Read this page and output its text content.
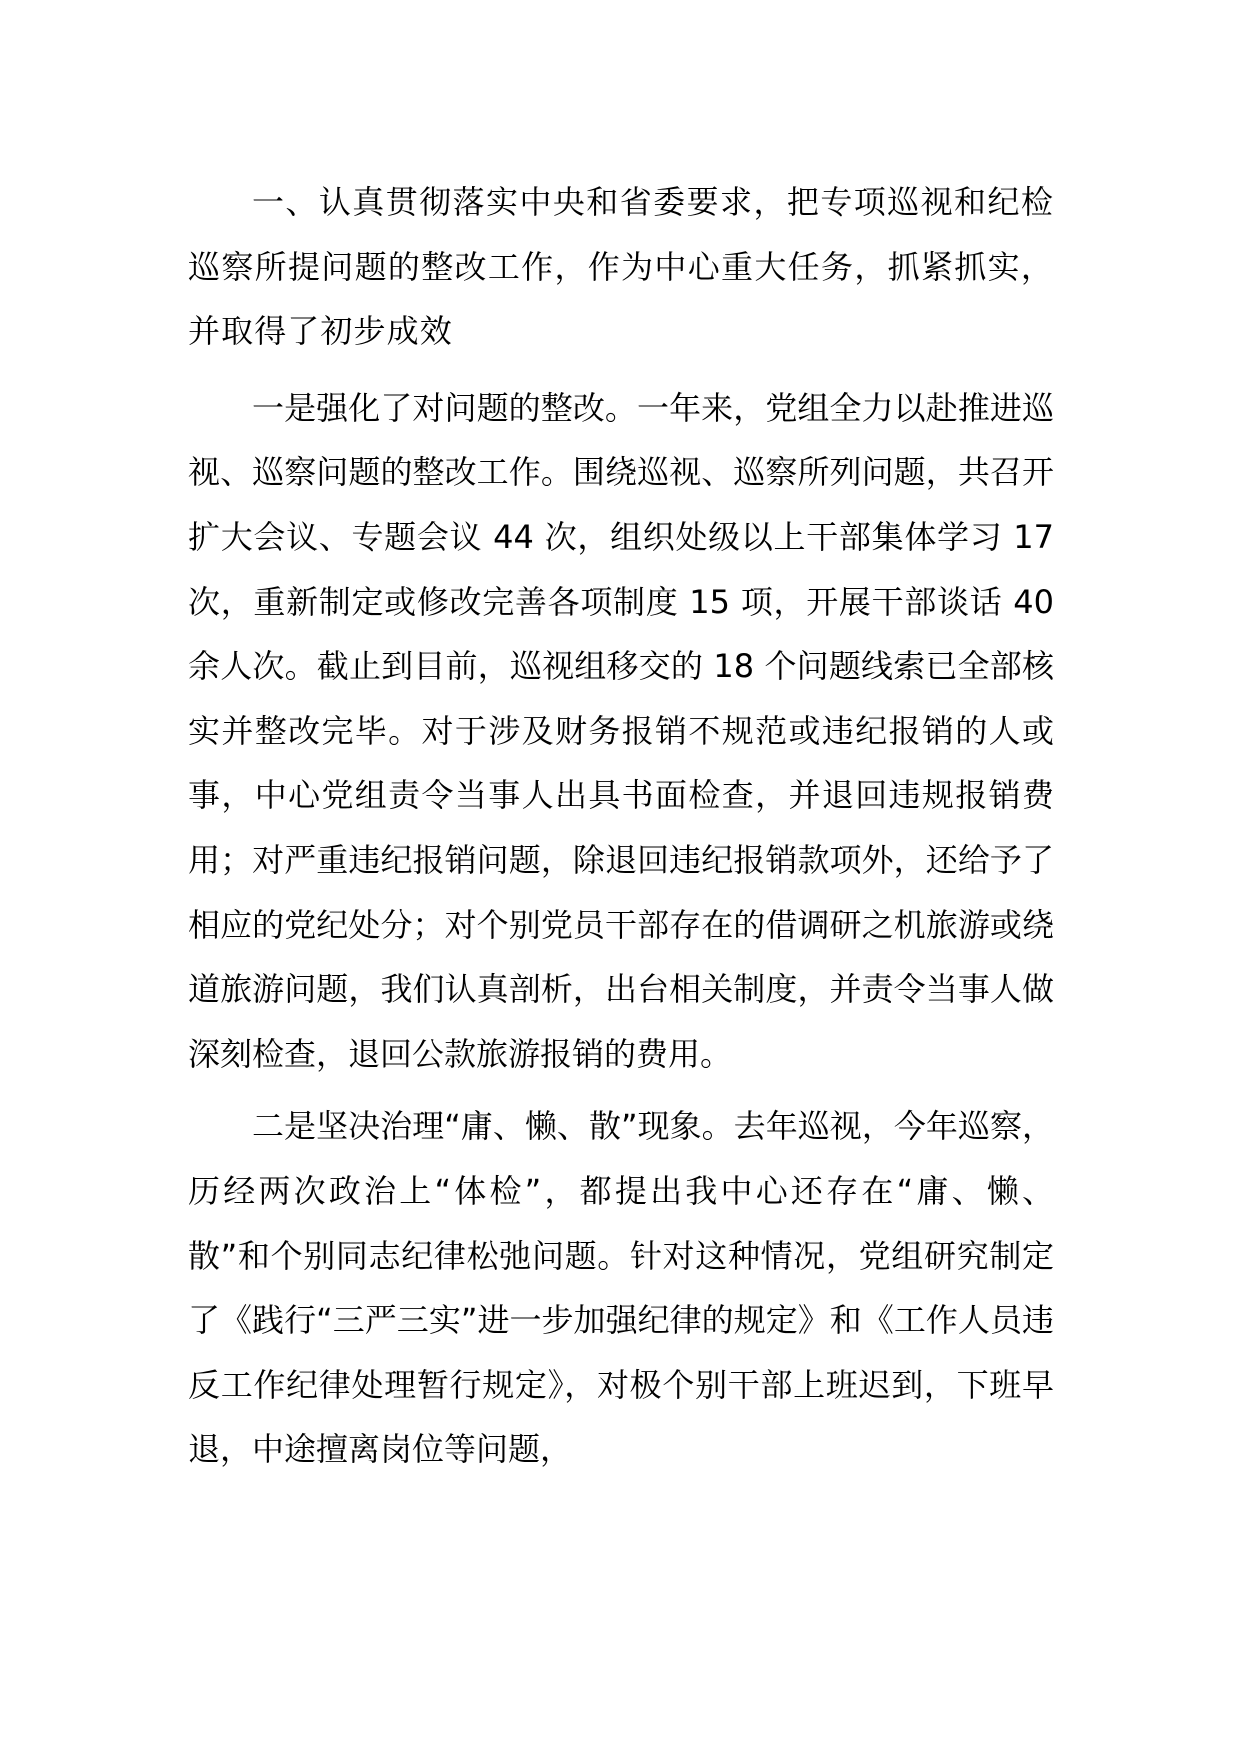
一、认真贯彻落实中央和省委要求，把专项巡视和纪检巡察所提问题的整改工作，作为中心重大任务，抓紧抓实，并取得了初步成效

一是强化了对问题的整改。一年来，党组全力以赴推进巡视、巡察问题的整改工作。围绕巡视、巡察所列问题，共召开扩大会议、专题会议 44 次，组织处级以上干部集体学习 17 次，重新制定或修改完善各项制度 15 项，开展干部谈话 40 余人次。截止到目前，巡视组移交的 18 个问题线索已全部核实并整改完毕。对于涉及财务报销不规范或违纪报销的人或事，中心党组责令当事人出具书面检查，并退回违规报销费用；对严重违纪报销问题，除退回违纪报销款项外，还给予了相应的党纪处分；对个别党员干部存在的借调研之机旅游或绕道旅游问题，我们认真剖析，出台相关制度，并责令当事人做深刻检查，退回公款旅游报销的费用。

二是坚决治理“庸、懒、散”现象。去年巡视，今年巡察，历经两次政治上“体检”，都提出我中心还存在“庸、懒、散”和个别同志纪律松弛问题。针对这种情况，党组研究制定了《践行“三严三实”进一步加强纪律的规定》和《工作人员违反工作纪律处理暂行规定》，对极个别干部上班迟到，下班早退，中途擅离岗位等问题，
